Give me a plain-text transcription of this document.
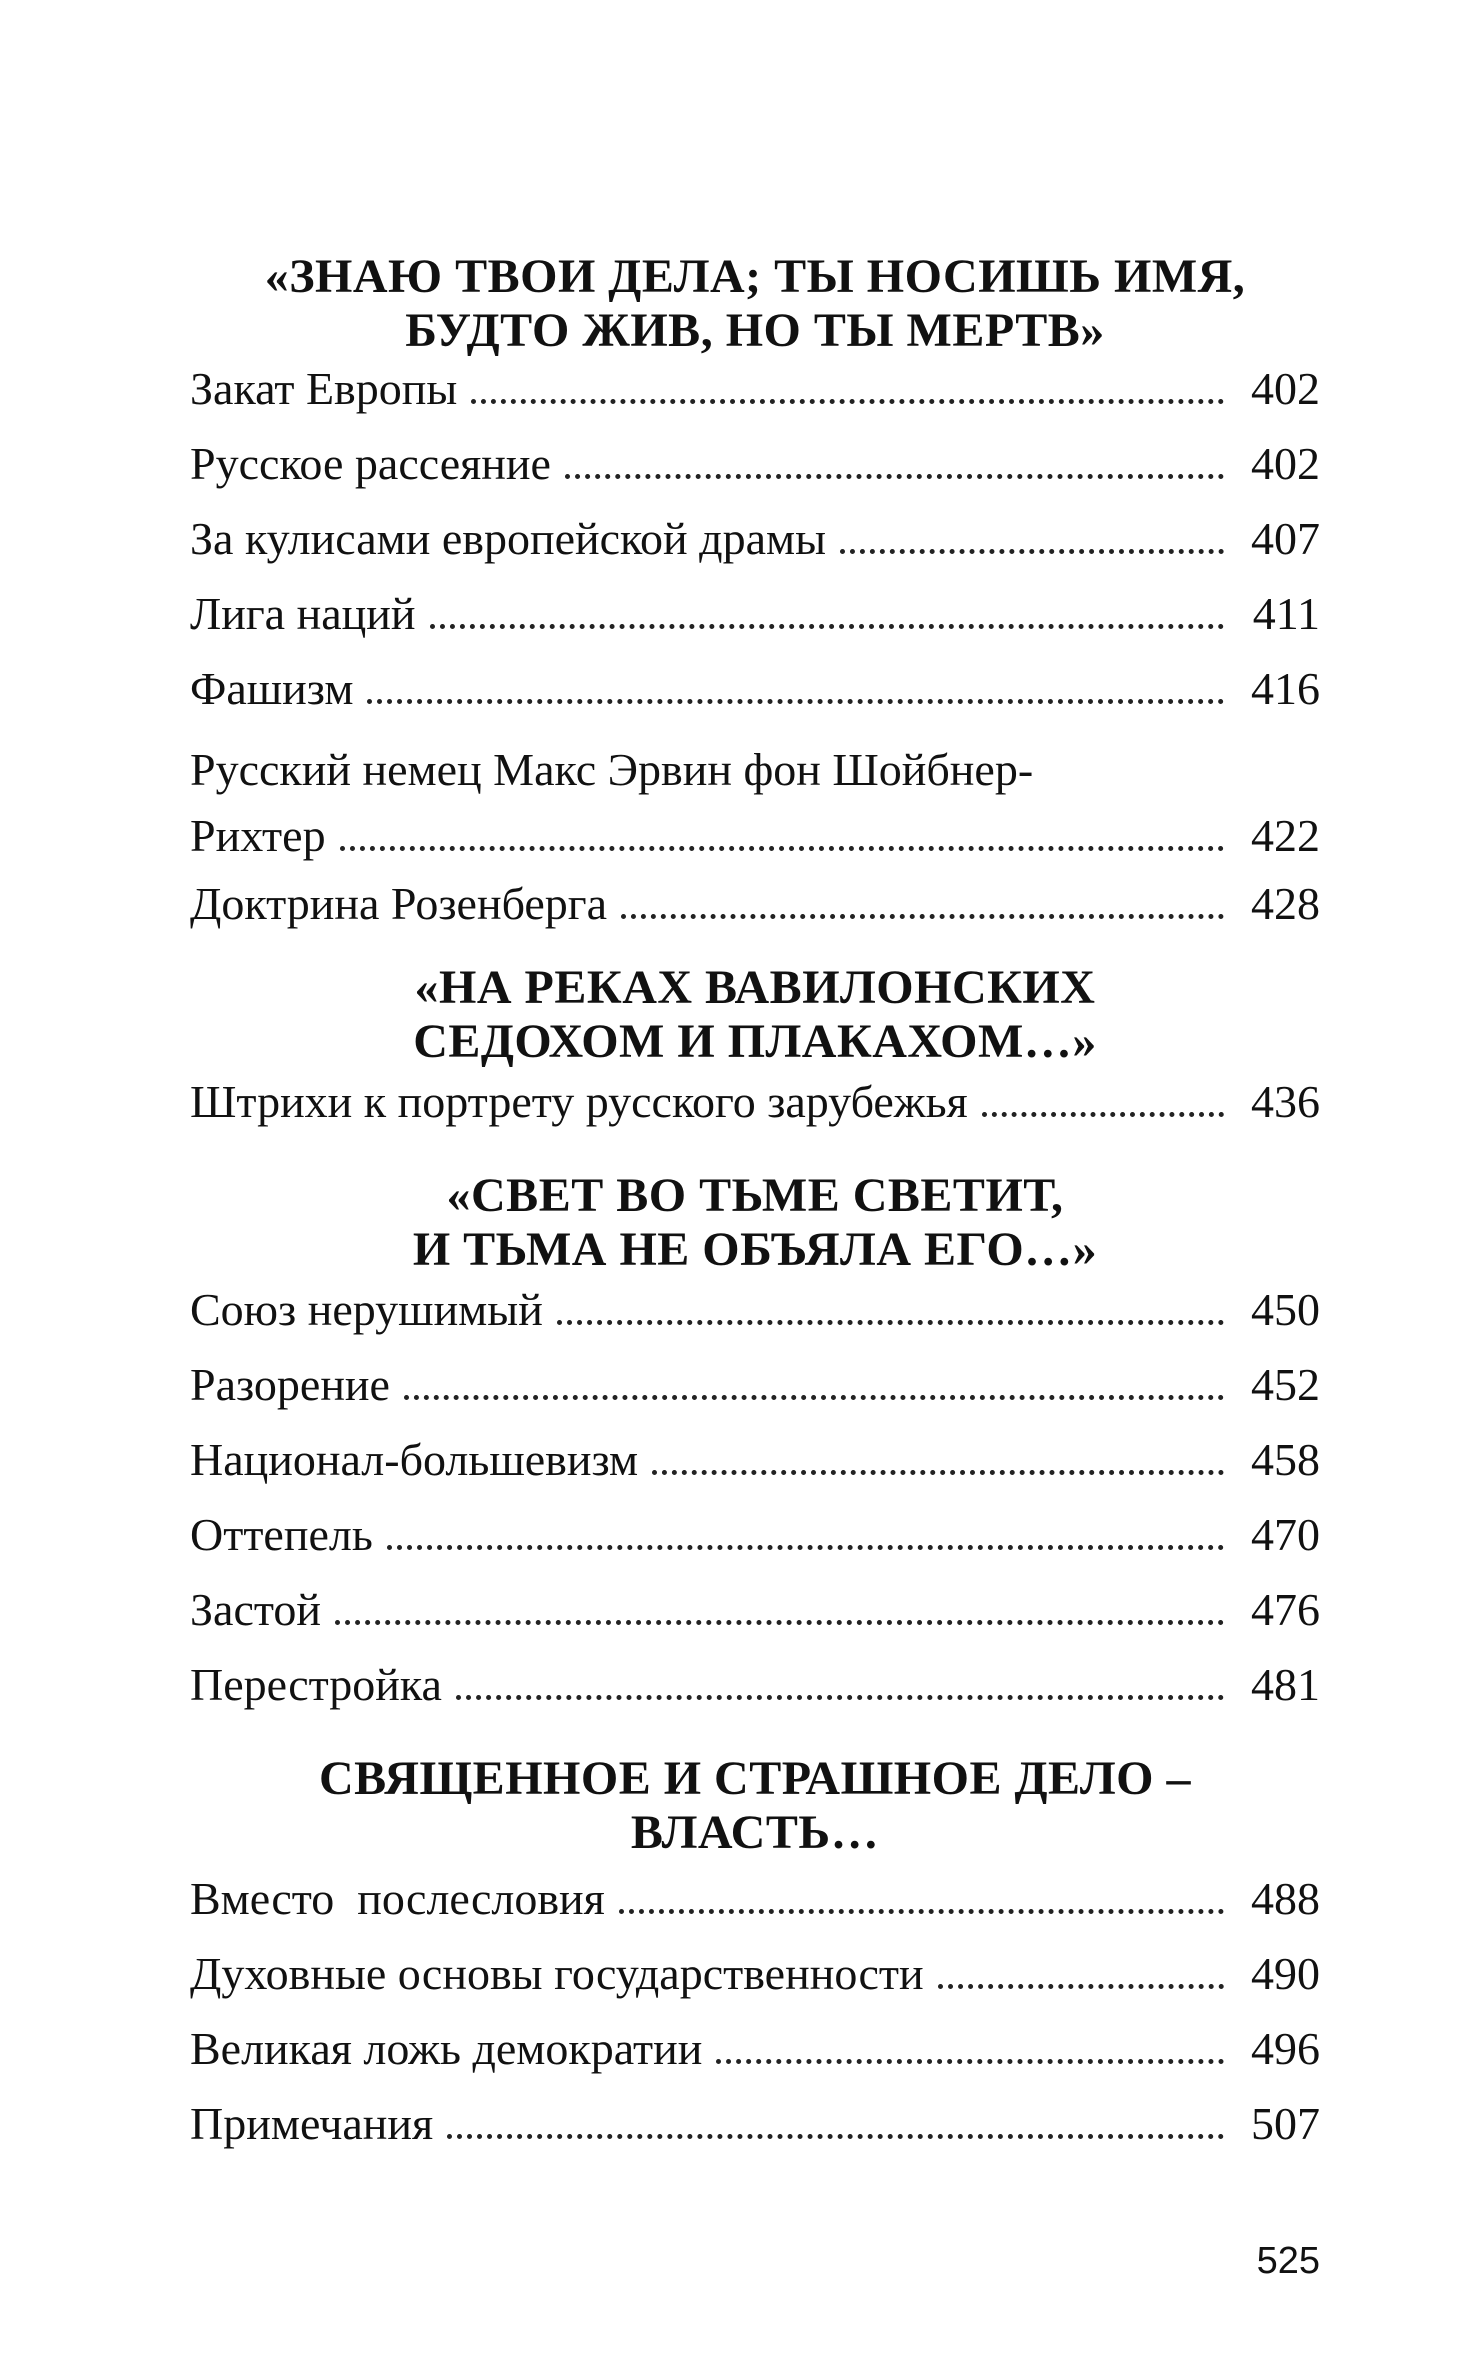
«ЗНАЮ ТВОИ ДЕЛА; ТЫ НОСИШЬ ИМЯ,
БУДТО ЖИВ, НО ТЫ МЕРТВ»
Закат Европы	402
Русское рассеяние	402
За кулисами европейской драмы	407
Лига наций	411
Фашизм	416
Русский немец Макс Эрвин фон Шойбнер-
Рихтер	422
Доктрина Розенберга	428
«НА РЕКАХ ВАВИЛОНСКИХ
СЕДОХОМ И ПЛАКАХОМ…»
Штрихи к портрету русского зарубежья	436
«СВЕТ ВО ТЬМЕ СВЕТИТ,
И ТЬМА НЕ ОБЪЯЛА ЕГО…»
Союз нерушимый	450
Разорение	452
Национал-большевизм	458
Оттепель	470
Застой	476
Перестройка	481
СВЯЩЕННОЕ И СТРАШНОЕ ДЕЛО –
ВЛАСТЬ…
Вместо  послесловия	488
Духовные основы государственности	490
Великая ложь демократии	496
Примечания	507
525
